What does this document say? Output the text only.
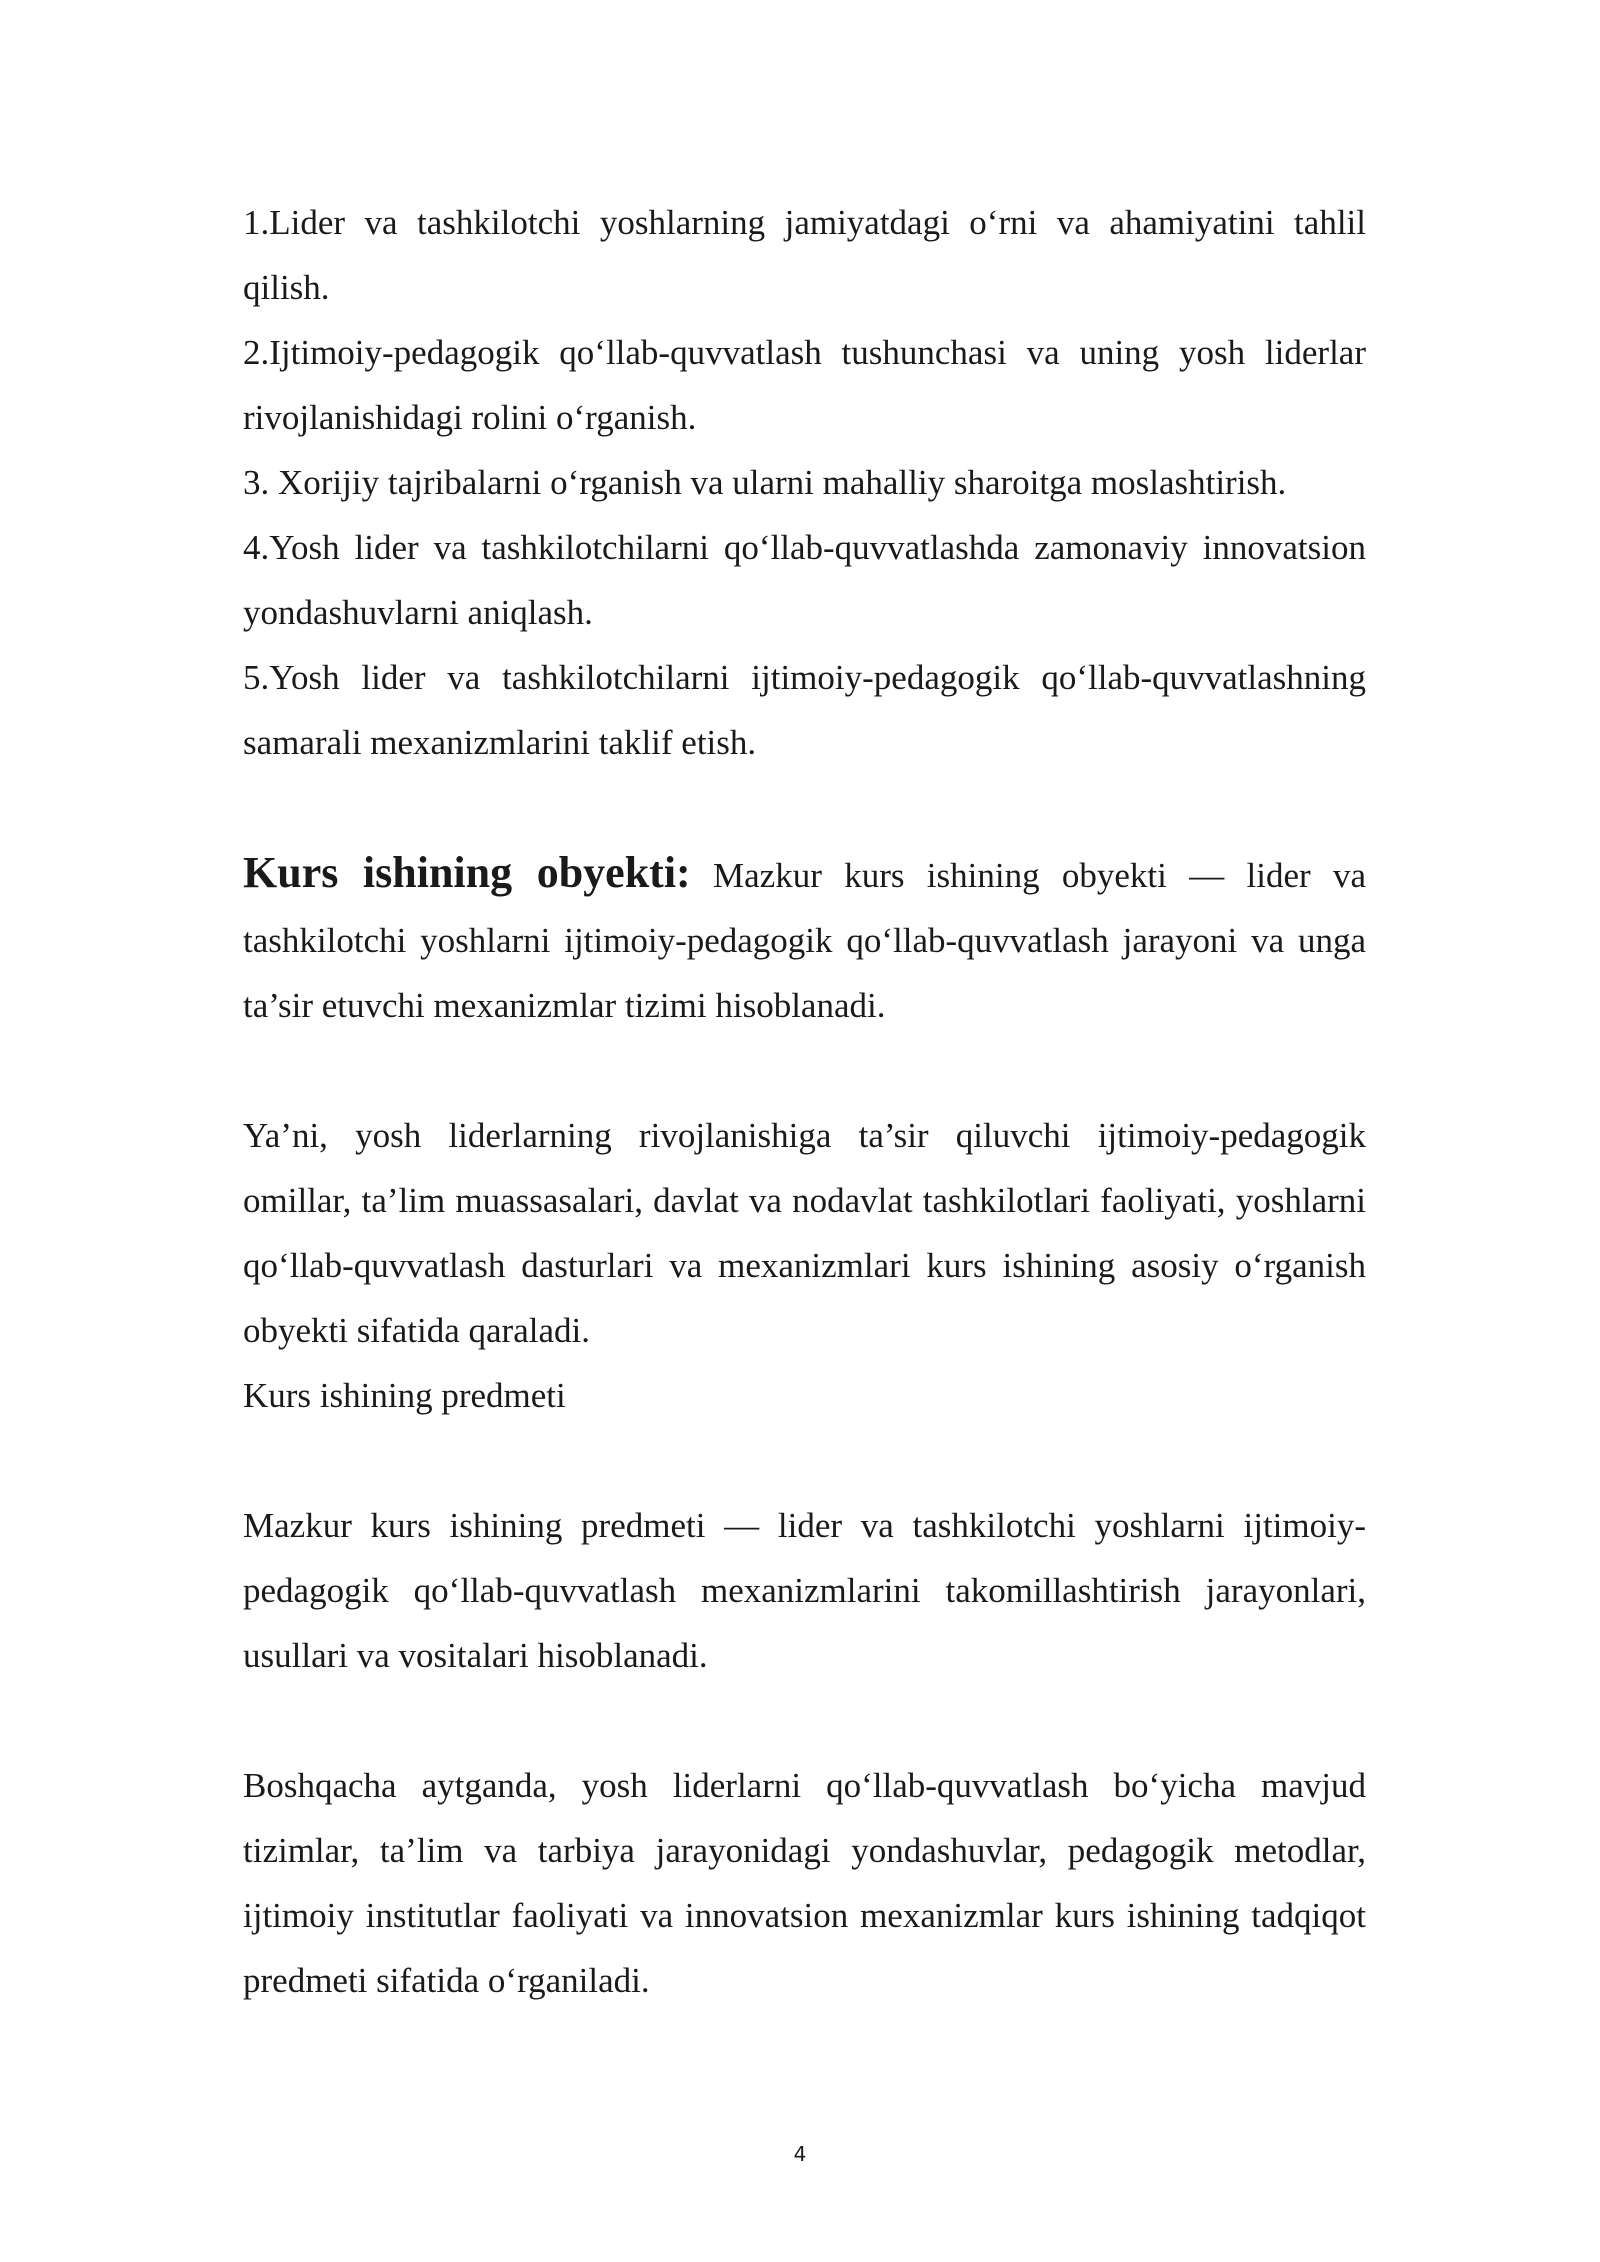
1.Lider va tashkilotchi yoshlarning jamiyatdagi o‘rni va ahamiyatini tahlil qilish.

2.Ijtimoiy-pedagogik qo‘llab-quvvatlash tushunchasi va uning yosh liderlar rivojlanishidagi rolini o‘rganish.

3. Xorijiy tajribalarni o‘rganish va ularni mahalliy sharoitga moslashtirish.

4.Yosh lider va tashkilotchilarni qo‘llab-quvvatlashda zamonaviy innovatsion yondashuvlarni aniqlash.

5.Yosh lider va tashkilotchilarni ijtimoiy-pedagogik qo‘llab-quvvatlashning samarali mexanizmlarini taklif etish.

Kurs ishining obyekti: Mazkur kurs ishining obyekti — lider va tashkilotchi yoshlarni ijtimoiy-pedagogik qo‘llab-quvvatlash jarayoni va unga ta’sir etuvchi mexanizmlar tizimi hisoblanadi.

Ya’ni, yosh liderlarning rivojlanishiga ta’sir qiluvchi ijtimoiy-pedagogik omillar, ta’lim muassasalari, davlat va nodavlat tashkilotlari faoliyati, yoshlarni qo‘llab-quvvatlash dasturlari va mexanizmlari kurs ishining asosiy o‘rganish obyekti sifatida qaraladi.

Kurs ishining predmeti

Mazkur kurs ishining predmeti — lider va tashkilotchi yoshlarni ijtimoiy-pedagogik qo‘llab-quvvatlash mexanizmlarini takomillashtirish jarayonlari, usullari va vositalari hisoblanadi.

Boshqacha aytganda, yosh liderlarni qo‘llab-quvvatlash bo‘yicha mavjud tizimlar, ta’lim va tarbiya jarayonidagi yondashuvlar, pedagogik metodlar, ijtimoiy institutlar faoliyati va innovatsion mexanizmlar kurs ishining tadqiqot predmeti sifatida o‘rganiladi.

4
